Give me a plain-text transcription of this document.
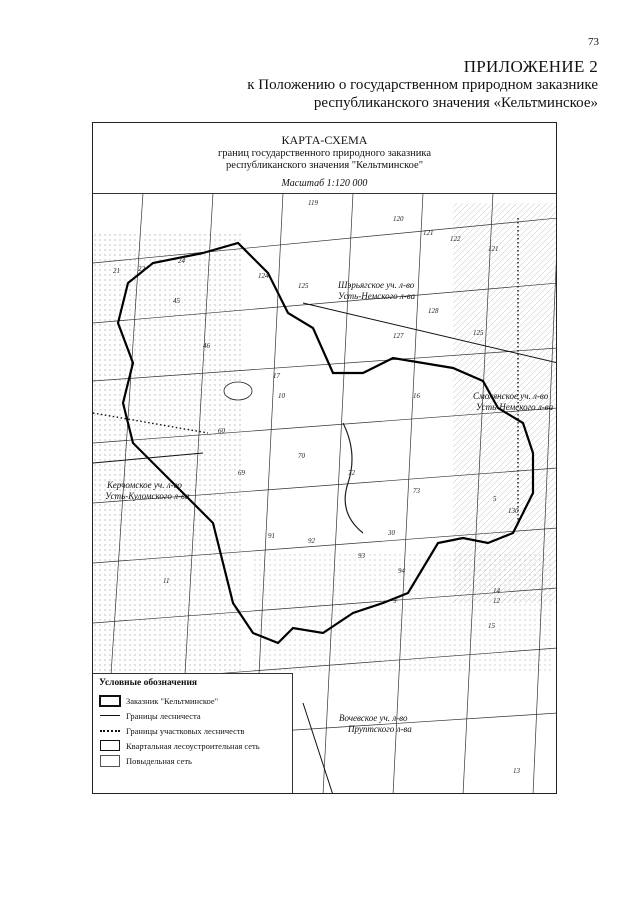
73
ПРИЛОЖЕНИЕ 2
к Положению о государственном природном заказнике
республиканского значения «Кельтминское»
119
120
121
122
121
124
125
128
127	125
21	22
24
45
46
60
69
70
72
73
91
92
93
94
130
30
5
9
10
11
12
13
14
15
16
17
Шэрьягское уч. л-во
Усть-Немского л-ва
Смолянское уч. л-во
Усть-Немского л-ва
Керчомское уч. л-во
Усть-Куломского л-ва
Вочевское уч. л-во
Пруптского л-ва
КАРТА-СХЕМА
границ государственного природного заказника
республиканского значения "Кельтминское"
Масштаб 1:120 000
Условные обозначения
Заказник "Кельтминское"
Границы лесничеста
Границы участковых лесничеств
Квартальная лесоустроительная сеть
Повыдельная сеть
